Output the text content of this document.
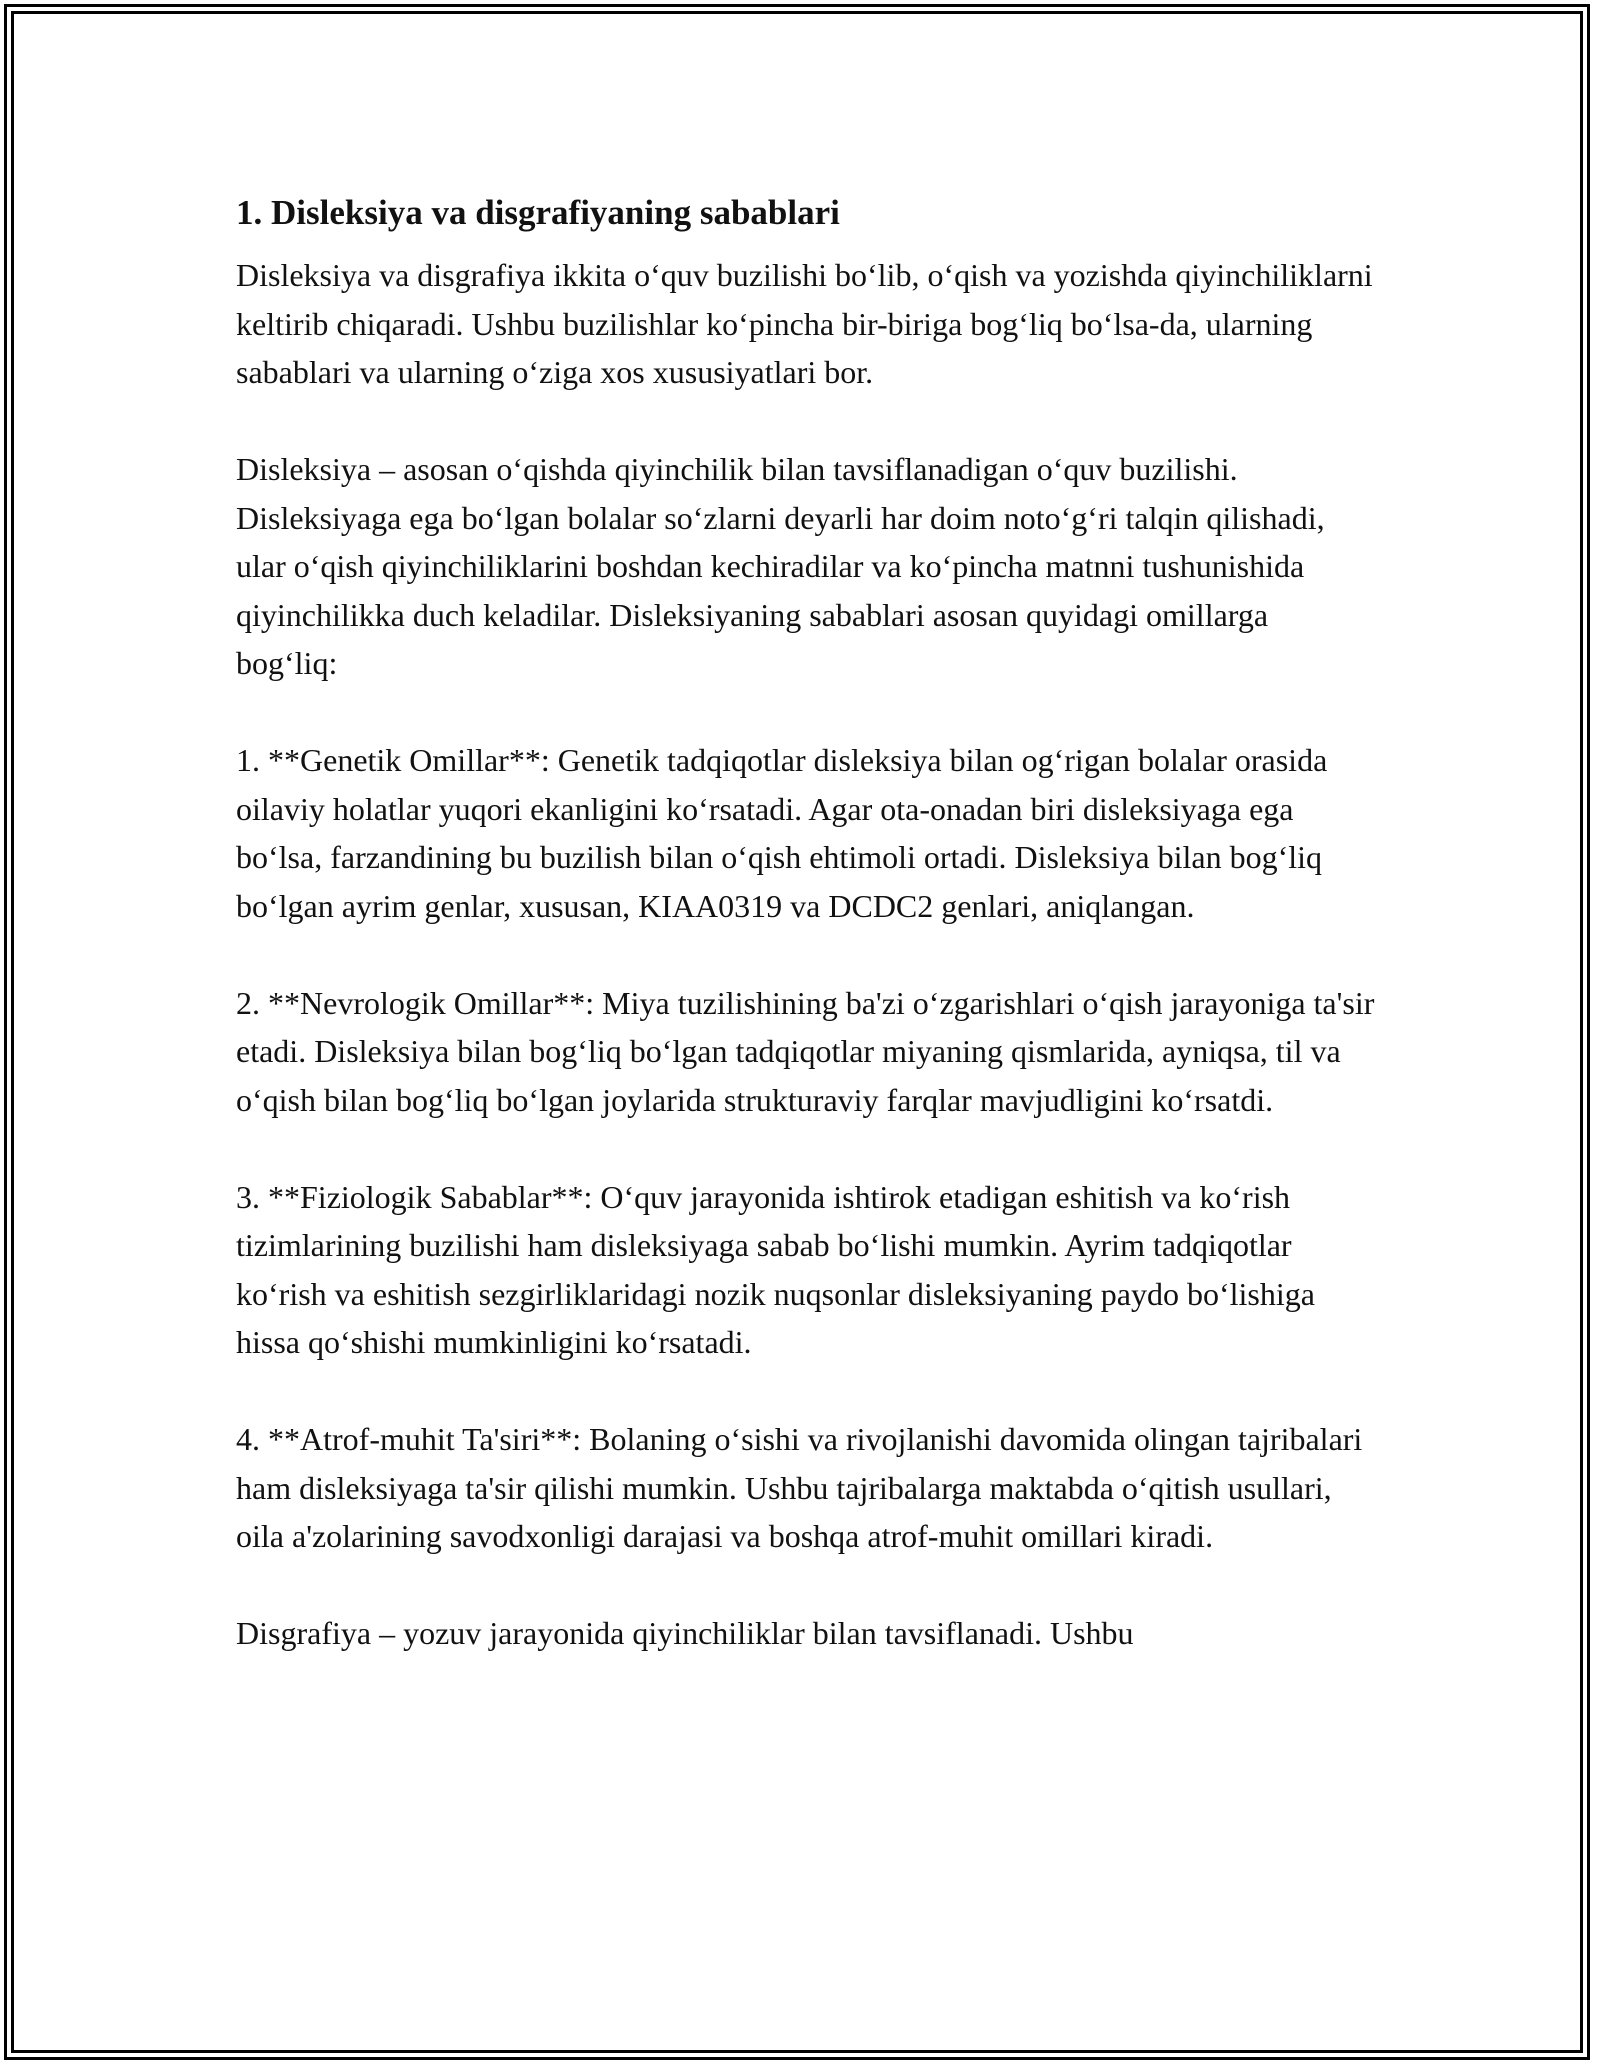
1. Disleksiya va disgrafiyaning sabablari

Disleksiya va disgrafiya ikkita o‘quv buzilishi bo‘lib, o‘qish va yozishda qiyinchiliklarni keltirib chiqaradi. Ushbu buzilishlar ko‘pincha bir-biriga bog‘liq bo‘lsa-da, ularning sabablari va ularning o‘ziga xos xususiyatlari bor.

Disleksiya – asosan o‘qishda qiyinchilik bilan tavsiflanadigan o‘quv buzilishi. Disleksiyaga ega bo‘lgan bolalar so‘zlarni deyarli har doim noto‘g‘ri talqin qilishadi, ular o‘qish qiyinchiliklarini boshdan kechiradilar va ko‘pincha matnni tushunishida qiyinchilikka duch keladilar. Disleksiyaning sabablari asosan quyidagi omillarga bog‘liq:

1. **Genetik Omillar**: Genetik tadqiqotlar disleksiya bilan og‘rigan bolalar orasida oilaviy holatlar yuqori ekanligini ko‘rsatadi. Agar ota-onadan biri disleksiyaga ega bo‘lsa, farzandining bu buzilish bilan o‘qish ehtimoli ortadi. Disleksiya bilan bog‘liq bo‘lgan ayrim genlar, xususan, KIAA0319 va DCDC2 genlari, aniqlangan.

2. **Nevrologik Omillar**: Miya tuzilishining ba'zi o‘zgarishlari o‘qish jarayoniga ta'sir etadi. Disleksiya bilan bog‘liq bo‘lgan tadqiqotlar miyaning qismlarida, ayniqsa, til va o‘qish bilan bog‘liq bo‘lgan joylarida strukturaviy farqlar mavjudligini ko‘rsatdi.

3. **Fiziologik Sabablar**: O‘quv jarayonida ishtirok etadigan eshitish va ko‘rish tizimlarining buzilishi ham disleksiyaga sabab bo‘lishi mumkin. Ayrim tadqiqotlar ko‘rish va eshitish sezgirliklaridagi nozik nuqsonlar disleksiyaning paydo bo‘lishiga hissa qo‘shishi mumkinligini ko‘rsatadi.

4. **Atrof-muhit Ta'siri**: Bolaning o‘sishi va rivojlanishi davomida olingan tajribalari ham disleksiyaga ta'sir qilishi mumkin. Ushbu tajribalarga maktabda o‘qitish usullari, oila a'zolarining savodxonligi darajasi va boshqa atrof-muhit omillari kiradi.

Disgrafiya – yozuv jarayonida qiyinchiliklar bilan tavsiflanadi. Ushbu
